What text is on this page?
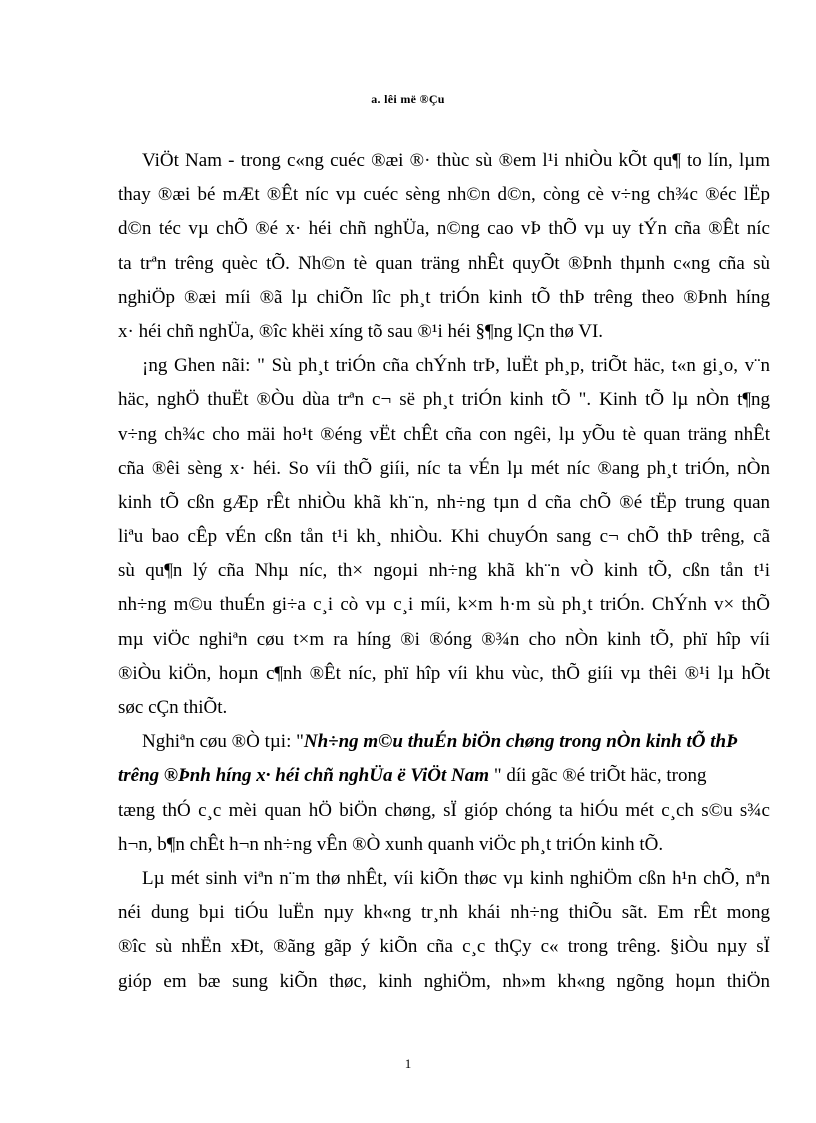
a. lêi më ®Çu
ViÖt Nam - trong c«ng cuéc ®æi ®· thùc sù ®em l¹i nhiÒu kÕt qu¶ to lín, lµm
thay ®æi bé mÆt ®Êt níc vµ cuéc sèng nh©n d©n, còng cè v÷ng ch¾c ®éc lËp
d©n téc vµ chÕ ®é x· héi chñ nghÜa, n©ng cao vÞ thÕ vµ uy tÝn cña ®Êt níc
ta trªn trêng quèc tÕ. Nh©n tè quan träng nhÊt quyÕt ®Þnh thµnh c«ng cña sù
nghiÖp ®æi míi ®ã lµ chiÕn lîc ph¸t triÓn kinh tÕ thÞ trêng theo ®Þnh híng
x· héi chñ nghÜa, ®îc khëi xíng tõ sau ®¹i héi §¶ng lÇn thø VI.
¡ng Ghen nãi: " Sù ph¸t triÓn cña chÝnh trÞ, luËt ph¸p, triÕt häc, t«n gi¸o, v¨n
häc, nghÖ thuËt ®Òu dùa trªn c¬ së ph¸t triÓn kinh tÕ ". Kinh tÕ lµ nÒn t¶ng
v÷ng ch¾c cho mäi ho¹t ®éng vËt chÊt cña con ngêi, lµ yÕu tè quan träng nhÊt
cña ®êi sèng x· héi. So víi thÕ giíi, níc ta vÉn lµ mét níc ®ang ph¸t triÓn, nÒn
kinh tÕ cßn gÆp rÊt nhiÒu khã kh¨n, nh÷ng tµn d cña chÕ ®é tËp trung quan
liªu bao cÊp vÉn cßn tån t¹i kh¸ nhiÒu. Khi chuyÓn sang c¬ chÕ thÞ trêng, cã
sù qu¶n lý cña Nhµ níc, th× ngoµi nh÷ng khã kh¨n vÒ kinh tÕ, cßn tån t¹i
nh÷ng m©u thuÉn gi÷a c¸i cò vµ c¸i míi, k×m h·m sù ph¸t triÓn. ChÝnh v× thÕ
mµ viÖc nghiªn cøu t×m ra híng ®i ®óng ®¾n cho nÒn kinh tÕ, phï hîp víi
®iÒu kiÖn, hoµn c¶nh ®Êt níc, phï hîp víi khu vùc, thÕ giíi vµ thêi ®¹i lµ hÕt
søc cÇn thiÕt.
Nghiªn cøu ®Ò tµi: "Nh÷ng m©u thuÉn biÖn chøng trong nÒn kinh tÕ thÞ
trêng ®Þnh híng x· héi chñ nghÜa ë ViÖt Nam " díi gãc ®é triÕt häc, trong
tæng thÓ c¸c mèi quan hÖ biÖn chøng, sÏ gióp chóng ta hiÓu mét c¸ch s©u s¾c
h¬n, b¶n chÊt h¬n nh÷ng vÊn ®Ò xunh quanh viÖc ph¸t triÓn kinh tÕ.
Lµ mét sinh viªn n¨m thø nhÊt, víi kiÕn thøc vµ kinh nghiÖm cßn h¹n chÕ, nªn
néi dung bµi tiÓu luËn nµy kh«ng tr¸nh khái nh÷ng thiÕu sãt. Em rÊt mong
®îc sù nhËn xÐt, ®ãng gãp ý kiÕn cña c¸c thÇy c« trong trêng. §iÒu nµy sÏ
gióp em bæ sung kiÕn thøc, kinh nghiÖm, nh»m kh«ng ngõng hoµn thiÖn
1
